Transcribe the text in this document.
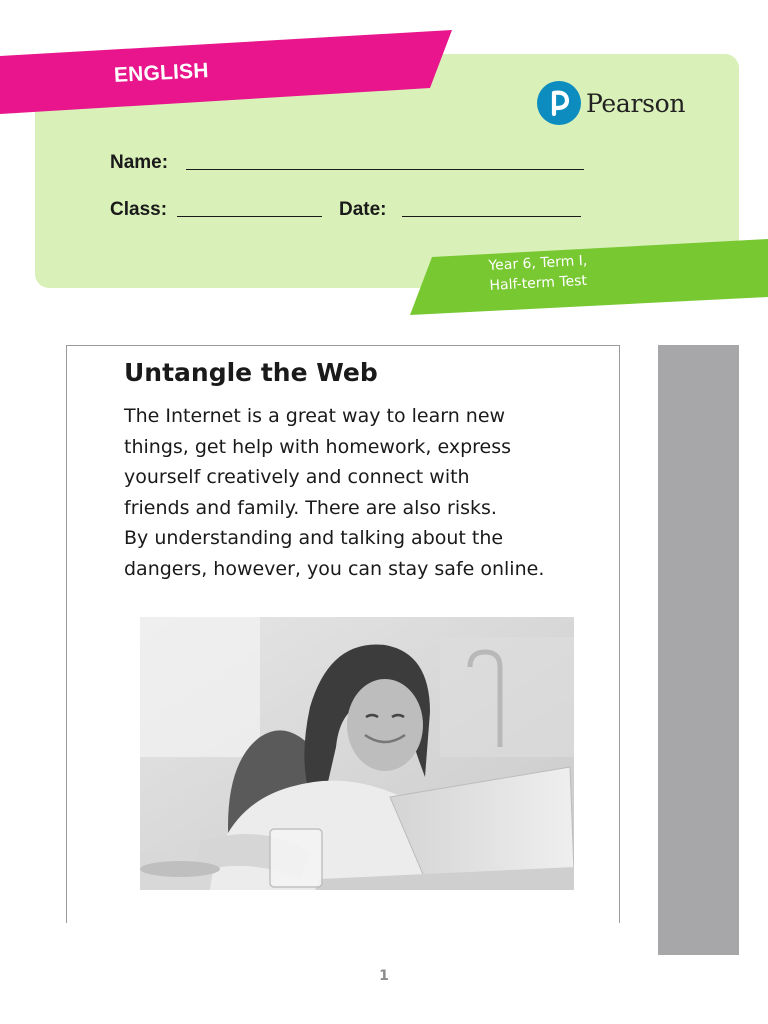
ENGLISH
Pearson
Name:
Class:	Date:
Year 6, Term I,
Half-term Test
Untangle the Web

The Internet is a great way to learn new
things, get help with homework, express
yourself creatively and connect with
friends and family. There are also risks.
By understanding and talking about the
dangers, however, you can stay safe online.

1
